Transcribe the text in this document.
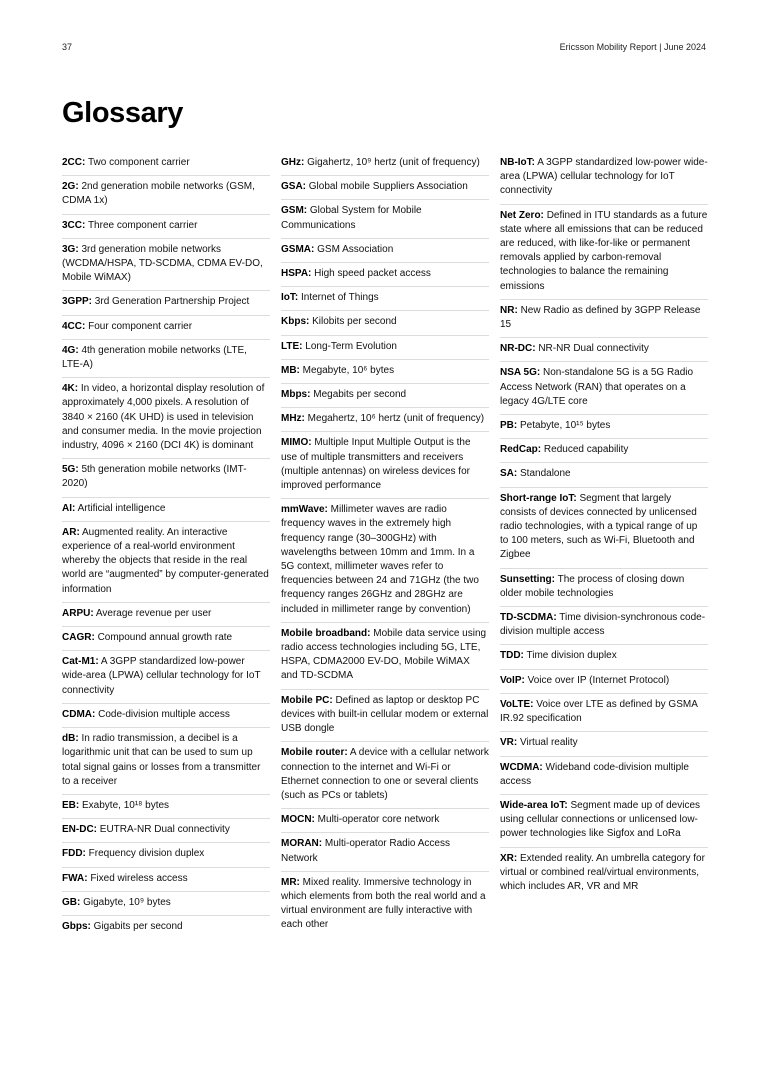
37	Ericsson Mobility Report | June 2024
Glossary
2CC: Two component carrier
2G: 2nd generation mobile networks (GSM, CDMA 1x)
3CC: Three component carrier
3G: 3rd generation mobile networks (WCDMA/HSPA, TD-SCDMA, CDMA EV-DO, Mobile WiMAX)
3GPP: 3rd Generation Partnership Project
4CC: Four component carrier
4G: 4th generation mobile networks (LTE, LTE-A)
4K: In video, a horizontal display resolution of approximately 4,000 pixels. A resolution of 3840 × 2160 (4K UHD) is used in television and consumer media. In the movie projection industry, 4096 × 2160 (DCI 4K) is dominant
5G: 5th generation mobile networks (IMT-2020)
AI: Artificial intelligence
AR: Augmented reality. An interactive experience of a real-world environment whereby the objects that reside in the real world are “augmented” by computer-generated information
ARPU: Average revenue per user
CAGR: Compound annual growth rate
Cat-M1: A 3GPP standardized low-power wide-area (LPWA) cellular technology for IoT connectivity
CDMA: Code-division multiple access
dB: In radio transmission, a decibel is a logarithmic unit that can be used to sum up total signal gains or losses from a transmitter to a receiver
EB: Exabyte, 10¹⁸ bytes
EN-DC: EUTRA-NR Dual connectivity
FDD: Frequency division duplex
FWA: Fixed wireless access
GB: Gigabyte, 10⁹ bytes
Gbps: Gigabits per second
GHz: Gigahertz, 10⁹ hertz (unit of frequency)
GSA: Global mobile Suppliers Association
GSM: Global System for Mobile Communications
GSMA: GSM Association
HSPA: High speed packet access
IoT: Internet of Things
Kbps: Kilobits per second
LTE: Long-Term Evolution
MB: Megabyte, 10⁶ bytes
Mbps: Megabits per second
MHz: Megahertz, 10⁶ hertz (unit of frequency)
MIMO: Multiple Input Multiple Output is the use of multiple transmitters and receivers (multiple antennas) on wireless devices for improved performance
mmWave: Millimeter waves are radio frequency waves in the extremely high frequency range (30–300GHz) with wavelengths between 10mm and 1mm. In a 5G context, millimeter waves refer to frequencies between 24 and 71GHz (the two frequency ranges 26GHz and 28GHz are included in millimeter range by convention)
Mobile broadband: Mobile data service using radio access technologies including 5G, LTE, HSPA, CDMA2000 EV-DO, Mobile WiMAX and TD-SCDMA
Mobile PC: Defined as laptop or desktop PC devices with built-in cellular modem or external USB dongle
Mobile router: A device with a cellular network connection to the internet and Wi-Fi or Ethernet connection to one or several clients (such as PCs or tablets)
MOCN: Multi-operator core network
MORAN: Multi-operator Radio Access Network
MR: Mixed reality. Immersive technology in which elements from both the real world and a virtual environment are fully interactive with each other
NB-IoT: A 3GPP standardized low-power wide-area (LPWA) cellular technology for IoT connectivity
Net Zero: Defined in ITU standards as a future state where all emissions that can be reduced are reduced, with like-for-like or permanent removals applied by carbon-removal technologies to balance the remaining emissions
NR: New Radio as defined by 3GPP Release 15
NR-DC: NR-NR Dual connectivity
NSA 5G: Non-standalone 5G is a 5G Radio Access Network (RAN) that operates on a legacy 4G/LTE core
PB: Petabyte, 10¹⁵ bytes
RedCap: Reduced capability
SA: Standalone
Short-range IoT: Segment that largely consists of devices connected by unlicensed radio technologies, with a typical range of up to 100 meters, such as Wi-Fi, Bluetooth and Zigbee
Sunsetting: The process of closing down older mobile technologies
TD-SCDMA: Time division-synchronous code-division multiple access
TDD: Time division duplex
VoIP: Voice over IP (Internet Protocol)
VoLTE: Voice over LTE as defined by GSMA IR.92 specification
VR: Virtual reality
WCDMA: Wideband code-division multiple access
Wide-area IoT: Segment made up of devices using cellular connections or unlicensed low-power technologies like Sigfox and LoRa
XR: Extended reality. An umbrella category for virtual or combined real/virtual environments, which includes AR, VR and MR
